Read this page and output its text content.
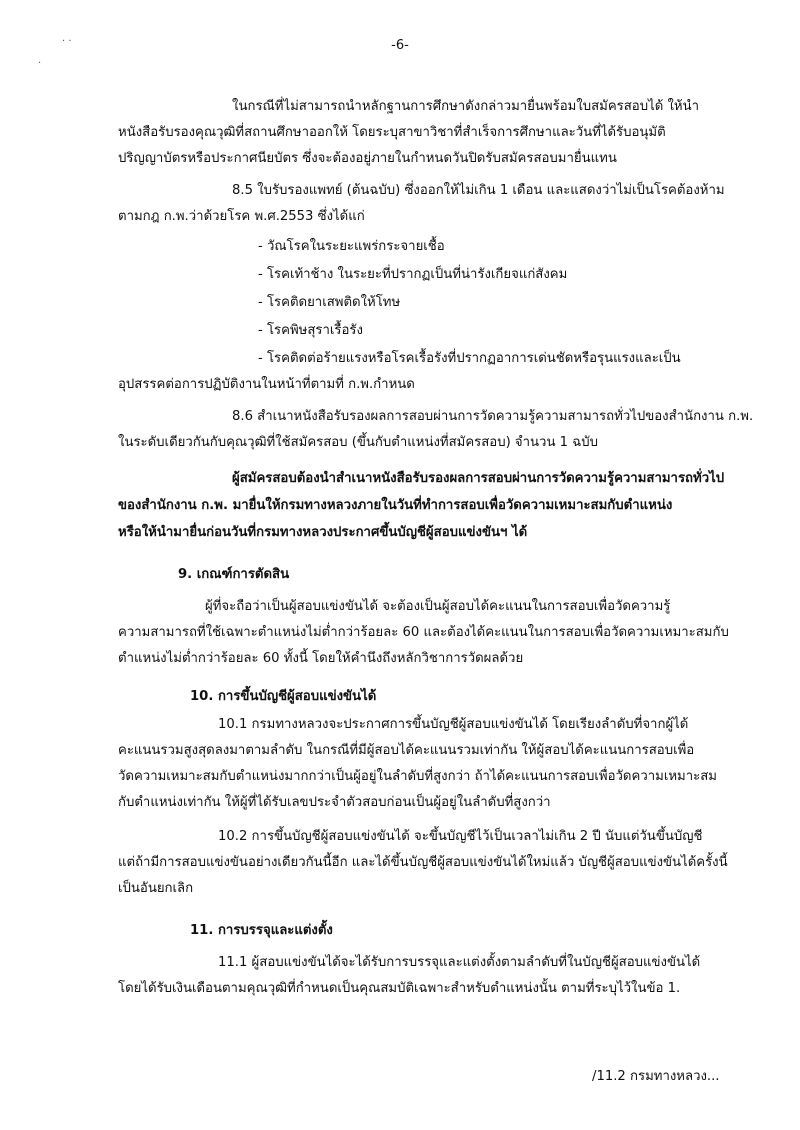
· ·
·
-6-
ในกรณีที่ไม่สามารถนำหลักฐานการศึกษาดังกล่าวมายื่นพร้อมใบสมัครสอบได้ ให้นำ
หนังสือรับรองคุณวุฒิที่สถานศึกษาออกให้ โดยระบุสาขาวิชาที่สำเร็จการศึกษาและวันที่ได้รับอนุมัติ
ปริญญาบัตรหรือประกาศนียบัตร ซึ่งจะต้องอยู่ภายในกำหนดวันปิดรับสมัครสอบมายื่นแทน
8.5 ใบรับรองแพทย์ (ต้นฉบับ) ซึ่งออกให้ไม่เกิน 1 เดือน และแสดงว่าไม่เป็นโรคต้องห้าม
ตามกฎ ก.พ.ว่าด้วยโรค พ.ศ.2553 ซึ่งได้แก่
- วัณโรคในระยะแพร่กระจายเชื้อ
- โรคเท้าช้าง ในระยะที่ปรากฏเป็นที่น่ารังเกียจแก่สังคม
- โรคติดยาเสพติดให้โทษ
- โรคพิษสุราเรื้อรัง
- โรคติดต่อร้ายแรงหรือโรคเรื้อรังที่ปรากฏอาการเด่นชัดหรือรุนแรงและเป็น
อุปสรรคต่อการปฏิบัติงานในหน้าที่ตามที่ ก.พ.กำหนด
8.6 สำเนาหนังสือรับรองผลการสอบผ่านการวัดความรู้ความสามารถทั่วไปของสำนักงาน ก.พ.
ในระดับเดียวกันกับคุณวุฒิที่ใช้สมัครสอบ (ขึ้นกับตำแหน่งที่สมัครสอบ) จำนวน 1 ฉบับ
ผู้สมัครสอบต้องนำสำเนาหนังสือรับรองผลการสอบผ่านการวัดความรู้ความสามารถทั่วไป
ของสำนักงาน ก.พ. มายื่นให้กรมทางหลวงภายในวันที่ทำการสอบเพื่อวัดความเหมาะสมกับตำแหน่ง
หรือให้นำมายื่นก่อนวันที่กรมทางหลวงประกาศขึ้นบัญชีผู้สอบแข่งขันฯ ได้
9. เกณฑ์การตัดสิน
ผู้ที่จะถือว่าเป็นผู้สอบแข่งขันได้ จะต้องเป็นผู้สอบได้คะแนนในการสอบเพื่อวัดความรู้
ความสามารถที่ใช้เฉพาะตำแหน่งไม่ต่ำกว่าร้อยละ 60 และต้องได้คะแนนในการสอบเพื่อวัดความเหมาะสมกับ
ตำแหน่งไม่ต่ำกว่าร้อยละ 60 ทั้งนี้ โดยให้คำนึงถึงหลักวิชาการวัดผลด้วย
10. การขึ้นบัญชีผู้สอบแข่งขันได้
10.1 กรมทางหลวงจะประกาศการขึ้นบัญชีผู้สอบแข่งขันได้ โดยเรียงลำดับที่จากผู้ได้
คะแนนรวมสูงสุดลงมาตามลำดับ ในกรณีที่มีผู้สอบได้คะแนนรวมเท่ากัน ให้ผู้สอบได้คะแนนการสอบเพื่อ
วัดความเหมาะสมกับตำแหน่งมากกว่าเป็นผู้อยู่ในลำดับที่สูงกว่า ถ้าได้คะแนนการสอบเพื่อวัดความเหมาะสม
กับตำแหน่งเท่ากัน ให้ผู้ที่ได้รับเลขประจำตัวสอบก่อนเป็นผู้อยู่ในลำดับที่สูงกว่า
10.2 การขึ้นบัญชีผู้สอบแข่งขันได้ จะขึ้นบัญชีไว้เป็นเวลาไม่เกิน 2 ปี นับแต่วันขึ้นบัญชี
แต่ถ้ามีการสอบแข่งขันอย่างเดียวกันนี้อีก และได้ขึ้นบัญชีผู้สอบแข่งขันได้ใหม่แล้ว บัญชีผู้สอบแข่งขันได้ครั้งนี้
เป็นอันยกเลิก
11. การบรรจุและแต่งตั้ง
11.1 ผู้สอบแข่งขันได้จะได้รับการบรรจุและแต่งตั้งตามลำดับที่ในบัญชีผู้สอบแข่งขันได้
โดยได้รับเงินเดือนตามคุณวุฒิที่กำหนดเป็นคุณสมบัติเฉพาะสำหรับตำแหน่งนั้น ตามที่ระบุไว้ในข้อ 1.
/11.2 กรมทางหลวง...
